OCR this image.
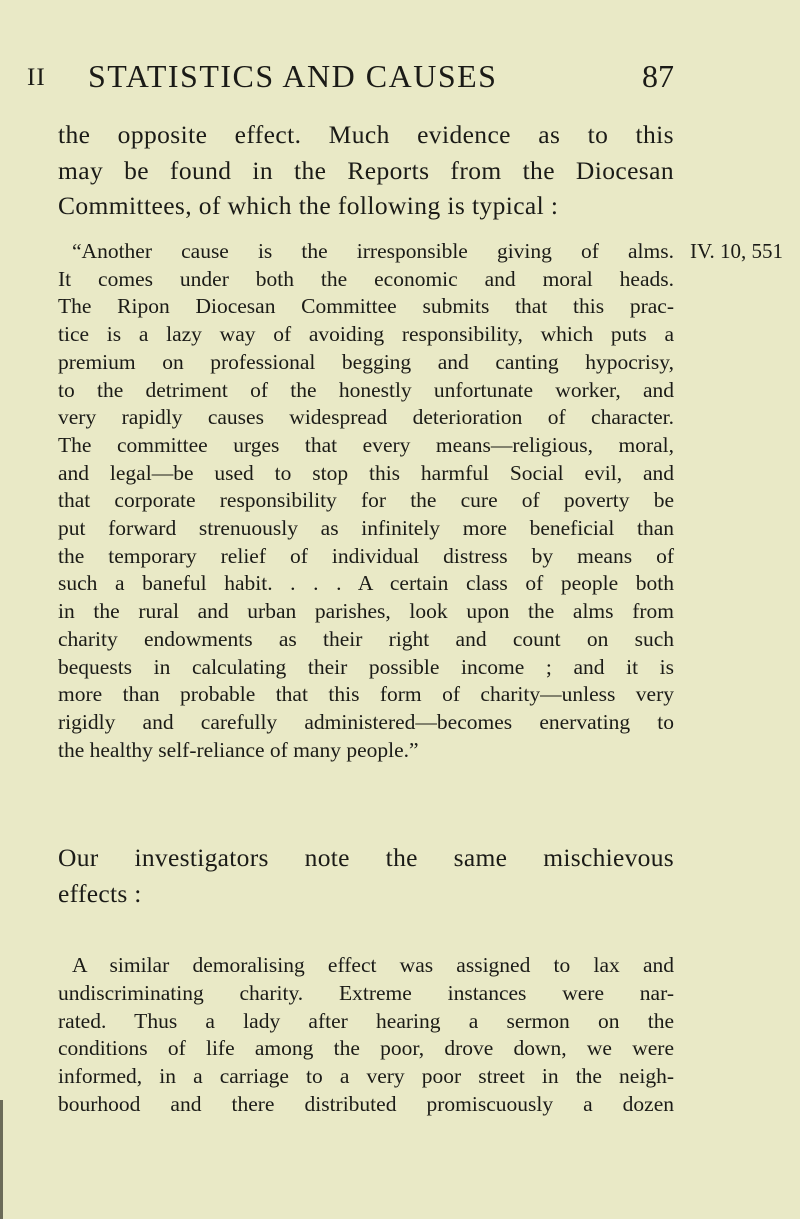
II STATISTICS AND CAUSES	87
the opposite effect. Much evidence as to this
may be found in the Reports from the Diocesan
Committees, of which the following is typical :
IV. 10, 551
“Another cause is the irresponsible giving of alms.
It comes under both the economic and moral heads.
The Ripon Diocesan Committee submits that this prac-
tice is a lazy way of avoiding responsibility, which puts a
premium on professional begging and canting hypocrisy,
to the detriment of the honestly unfortunate worker, and
very rapidly causes widespread deterioration of character.
The committee urges that every means—religious, moral,
and legal—be used to stop this harmful Social evil, and
that corporate responsibility for the cure of poverty be
put forward strenuously as infinitely more beneficial than
the temporary relief of individual distress by means of
such a baneful habit. . . . A certain class of people both
in the rural and urban parishes, look upon the alms from
charity endowments as their right and count on such
bequests in calculating their possible income ; and it is
more than probable that this form of charity—unless very
rigidly and carefully administered—becomes enervating to
the healthy self-reliance of many people.”
Our investigators note the same mischievous
effects :
A similar demoralising effect was assigned to lax and
undiscriminating charity. Extreme instances were nar-
rated. Thus a lady after hearing a sermon on the
conditions of life among the poor, drove down, we were
informed, in a carriage to a very poor street in the neigh-
bourhood and there distributed promiscuously a dozen
